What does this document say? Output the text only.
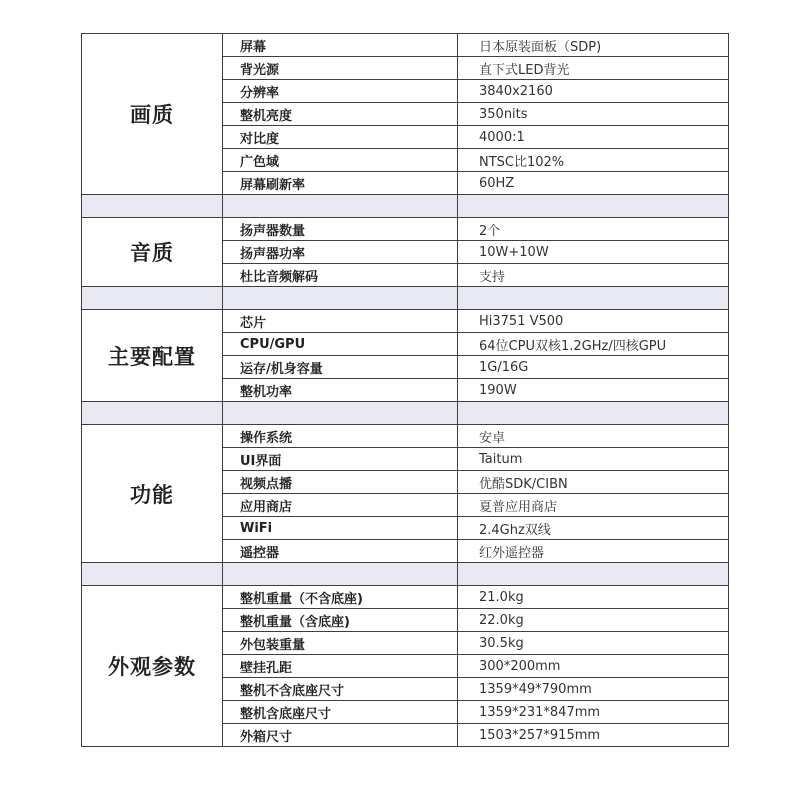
画质	屏幕	日本原装面板（SDP)
	背光源	直下式LED背光
	分辨率	3840x2160
	整机亮度	350nits
	对比度	4000:1
	广色域	NTSC比102%
	屏幕刷新率	60HZ

音质	扬声器数量	2个
	扬声器功率	10W+10W
	杜比音频解码	支持

主要配置	芯片	Hi3751 V500
	CPU/GPU	64位CPU双核1.2GHz/四核GPU
	运存/机身容量	1G/16G
	整机功率	190W

功能	操作系统	安卓
	UI界面	Taitum
	视频点播	优酷SDK/CIBN
	应用商店	夏普应用商店
	WiFi	2.4Ghz双线
	遥控器	红外遥控器

外观参数	整机重量（不含底座)	21.0kg
	整机重量（含底座)	22.0kg
	外包装重量	30.5kg
	壁挂孔距	300*200mm
	整机不含底座尺寸	1359*49*790mm
	整机含底座尺寸	1359*231*847mm
	外箱尺寸	1503*257*915mm
